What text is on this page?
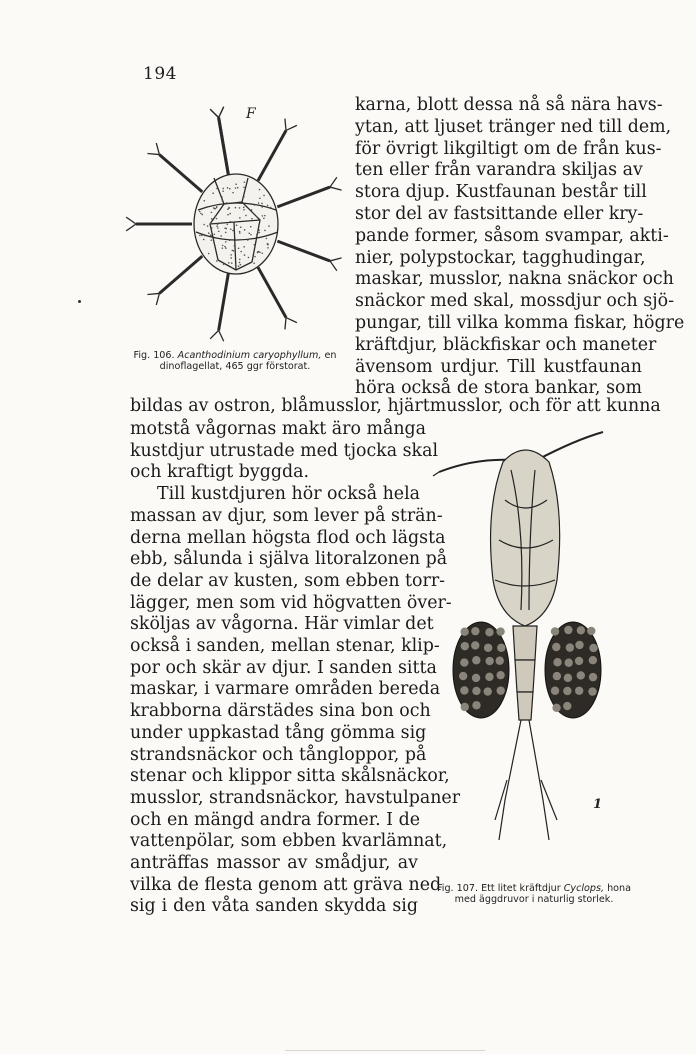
194
F
Fig. 106. Acanthodinium caryophyllum, en dinoflagellat, 465 ggr förstorat.
1
Fig. 107. Ett litet kräftdjur Cyclops, hona med äggdruvor i naturlig storlek.
karna, blott dessa nå så nära havs-
ytan, att ljuset tränger ned till dem,
för övrigt likgiltigt om de från kus-
ten eller från varandra skiljas av
stora djup. Kustfaunan består till
stor del av fastsittande eller kry-
pande former, såsom svampar, akti-
nier, polypstockar, tagghudingar,
maskar, musslor, nakna snäckor och
snäckor med skal, mossdjur och sjö-
pungar, till vilka komma fiskar, högre
kräftdjur, bläckfiskar och maneter
ävensom urdjur. Till kustfaunan
höra också de stora bankar, som
bildas av ostron, blåmusslor, hjärtmusslor, och för att kunna
motstå vågornas makt äro många
kustdjur utrustade med tjocka skal
och kraftigt byggda.
Till kustdjuren hör också hela
massan av djur, som lever på strän-
derna mellan högsta flod och lägsta
ebb, sålunda i själva litoralzonen på
de delar av kusten, som ebben torr-
lägger, men som vid högvatten över-
sköljas av vågorna. Här vimlar det
också i sanden, mellan stenar, klip-
por och skär av djur. I sanden sitta
maskar, i varmare områden bereda
krabborna därstädes sina bon och
under uppkastad tång gömma sig
strandsnäckor och tångloppor, på
stenar och klippor sitta skålsnäckor,
musslor, strandsnäckor, havstulpaner
och en mängd andra former. I de
vattenpölar, som ebben kvarlämnat,
anträffas massor av smådjur, av
vilka de flesta genom att gräva ned
sig i den våta sanden skydda sig
